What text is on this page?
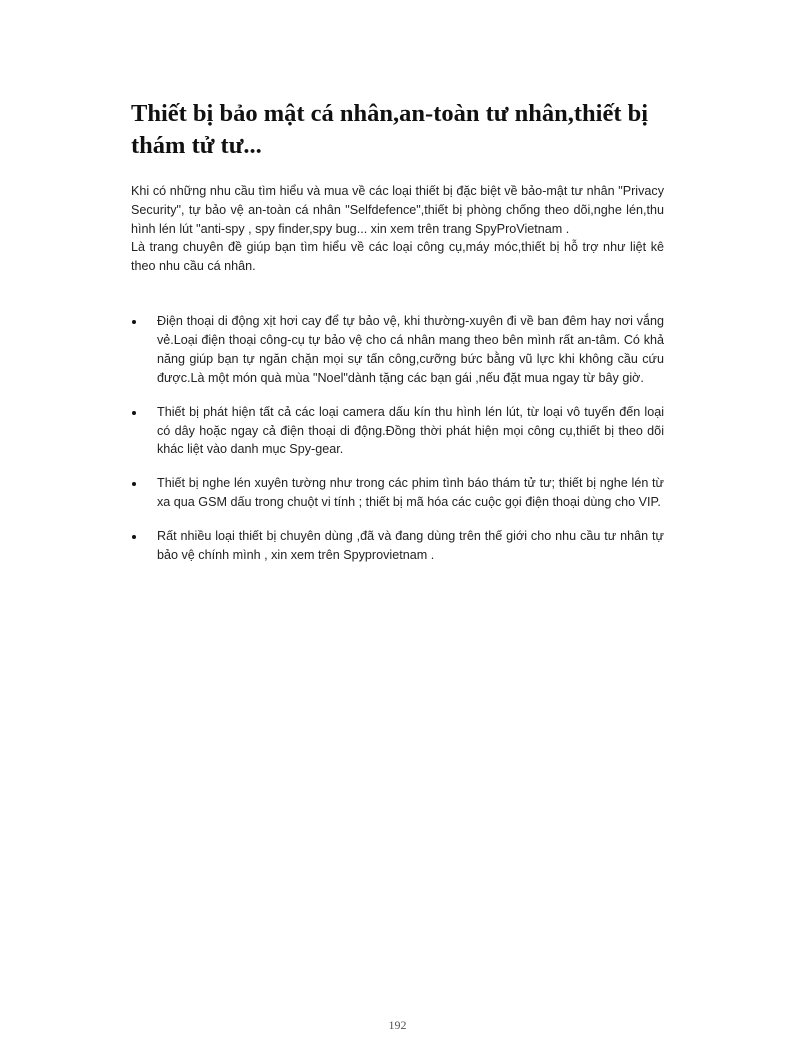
Thiết bị bảo mật cá nhân,an-toàn tư nhân,thiết bị thám tử tư...

Khi có những nhu cầu tìm hiểu và mua về các loại thiết bị đặc biệt về bảo-mật tư nhân "Privacy Security", tự bảo vệ an-toàn cá nhân "Selfdefence",thiết bị phòng chống theo dõi,nghe lén,thu hình lén lút "anti-spy , spy finder,spy bug... xin xem trên trang SpyProVietnam .

Là trang chuyên đề giúp bạn tìm hiểu về các loại công cụ,máy móc,thiết bị hỗ trợ như liệt kê theo nhu cầu cá nhân.

Điện thoại di động xịt hơi cay để tự bảo vệ, khi thường-xuyên đi về ban đêm hay nơi vắng vẻ.Loại điện thoại công-cụ tự bảo vệ cho cá nhân mang theo bên mình rất an-tâm. Có khả năng giúp bạn tự ngăn chặn mọi sự tấn công,cưỡng bức bằng vũ lực khi không cầu cứu được.Là một món quà mùa "Noel"dành tặng các bạn gái ,nếu đặt mua ngay từ bây giờ.
Thiết bị phát hiện tất cả các loại camera dấu kín thu hình lén lút, từ loại vô tuyến đến loại có dây hoặc ngay cả điện thoại di động.Đồng thời phát hiện mọi công cụ,thiết bị theo dõi khác liệt vào danh mục Spy-gear.
Thiết bị nghe lén xuyên tường như trong các phim tình báo thám tử tư; thiết bị nghe lén từ xa qua GSM dấu trong chuột vi tính ; thiết bị mã hóa các cuộc gọi điện thoại dùng cho VIP.
Rất nhiều loại thiết bị chuyên dùng ,đã và đang dùng trên thế giới cho nhu cầu tư nhân tự bảo vệ chính mình , xin xem trên Spyprovietnam .
192
